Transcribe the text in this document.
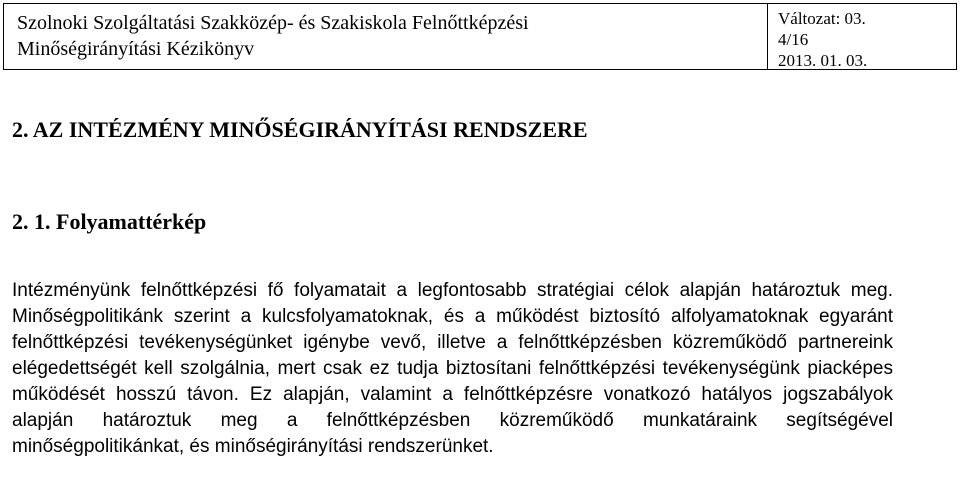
Szolnoki Szolgáltatási Szakközép- és Szakiskola Felnőttképzési
Minőségirányítási Kézikönyv
Változat: 03.
4/16
2013. 01. 03.
2. AZ INTÉZMÉNY MINŐSÉGIRÁNYÍTÁSI RENDSZERE
2. 1. Folyamattérkép

Intézményünk felnőttképzési fő folyamatait a legfontosabb stratégiai célok alapján határoztuk meg. Minőségpolitikánk szerint a kulcsfolyamatoknak, és a működést biztosító alfolyamatoknak egyaránt felnőttképzési tevékenységünket igénybe vevő, illetve a felnőttképzésben közreműködő partnereink elégedettségét kell szolgálnia, mert csak ez tudja biztosítani felnőttképzési tevékenységünk piacképes működését hosszú távon. Ez alapján, valamint a felnőttképzésre vonatkozó hatályos jogszabályok alapján határoztuk meg a felnőttképzésben közreműködő munkatáraink segítségével minőségpolitikánkat, és minőségirányítási rendszerünket.
